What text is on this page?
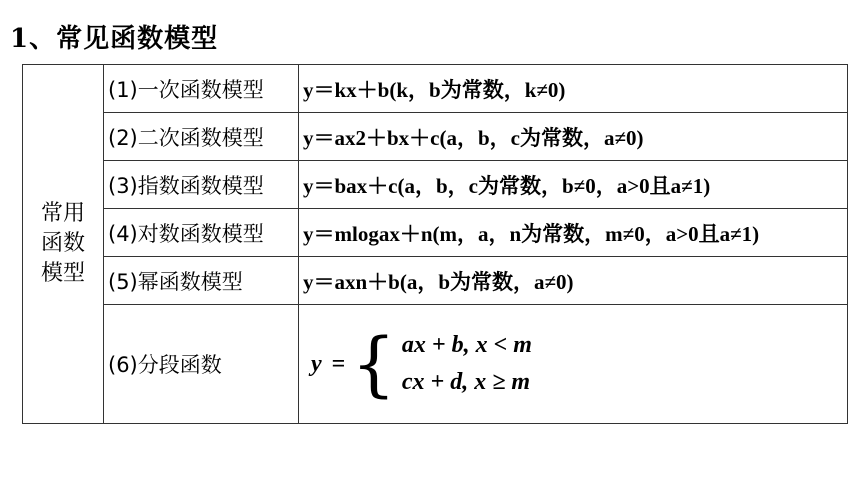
1、常见函数模型
常用
函数
模型	(1)一次函数模型	y＝kx＋b(k，b为常数，k≠0)
	(2)二次函数模型	y＝ax2＋bx＋c(a，b，c为常数，a≠0)
	(3)指数函数模型	y＝bax＋c(a，b，c为常数，b≠0，a>0且a≠1)
	(4)对数函数模型	y＝mlogax＋n(m，a，n为常数，m≠0，a>0且a≠1)
	(5)幂函数模型	y＝axn＋b(a，b为常数，a≠0)
	(6)分段函数	y = { ax + b, x < m
cx + d, x ≥ m
